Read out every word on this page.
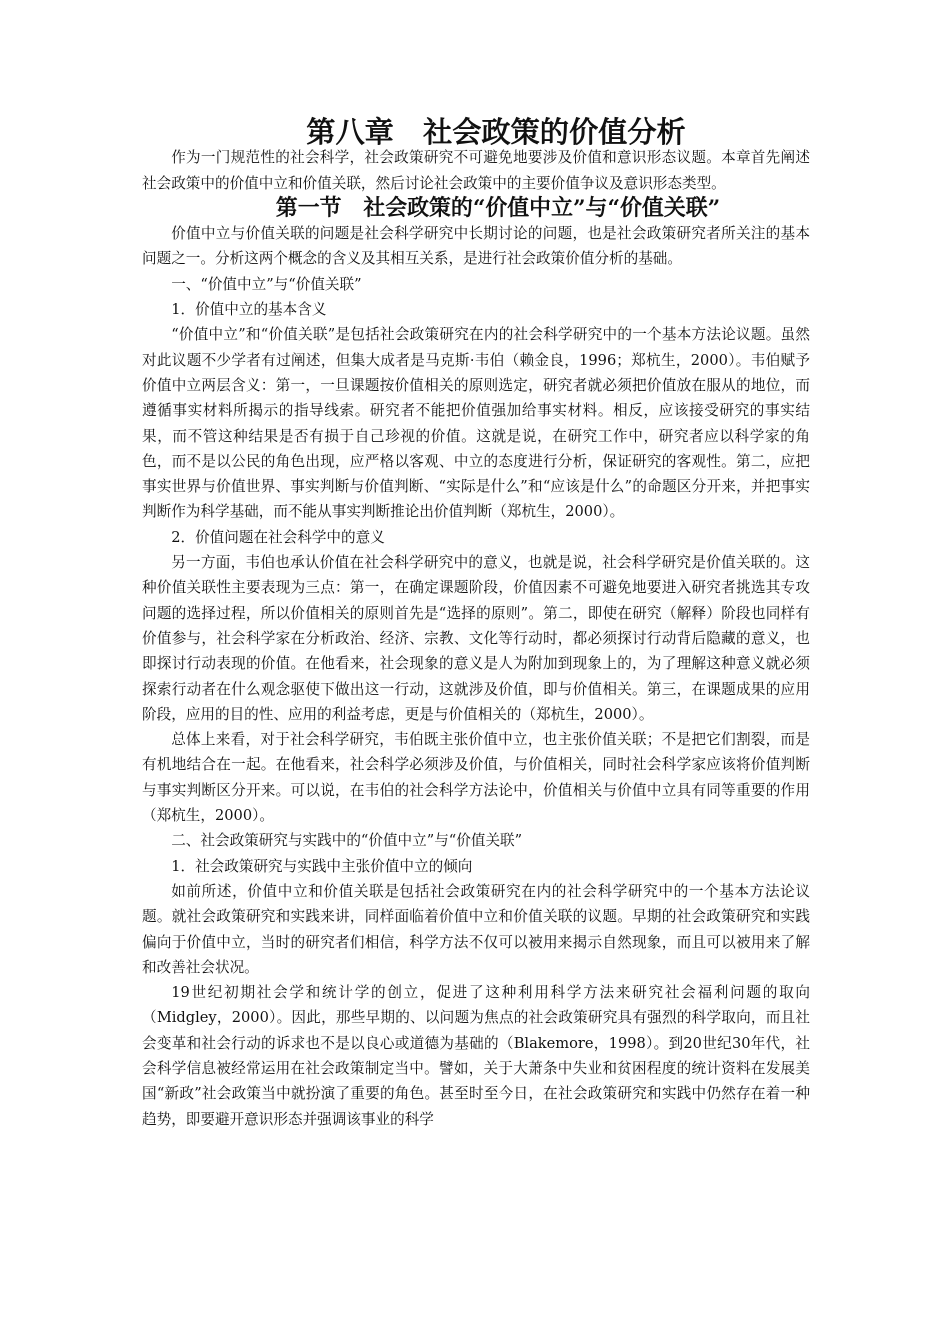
第八章　社会政策的价值分析

作为一门规范性的社会科学，社会政策研究不可避免地要涉及价值和意识形态议题。本章首先阐述社会政策中的价值中立和价值关联，然后讨论社会政策中的主要价值争议及意识形态类型。

第一节　社会政策的“价值中立”与“价值关联”

价值中立与价值关联的问题是社会科学研究中长期讨论的问题，也是社会政策研究者所关注的基本问题之一。分析这两个概念的含义及其相互关系，是进行社会政策价值分析的基础。

一、“价值中立”与“价值关联”
1．价值中立的基本含义

“价值中立”和“价值关联”是包括社会政策研究在内的社会科学研究中的一个基本方法论议题。虽然对此议题不少学者有过阐述，但集大成者是马克斯·韦伯（赖金良，1996；郑杭生，2000）。韦伯赋予价值中立两层含义：第一，一旦课题按价值相关的原则选定，研究者就必须把价值放在服从的地位，而遵循事实材料所揭示的指导线索。研究者不能把价值强加给事实材料。相反，应该接受研究的事实结果，而不管这种结果是否有损于自己珍视的价值。这就是说，在研究工作中，研究者应以科学家的角色，而不是以公民的角色出现，应严格以客观、中立的态度进行分析，保证研究的客观性。第二，应把事实世界与价值世界、事实判断与价值判断、“实际是什么”和“应该是什么”的命题区分开来，并把事实判断作为科学基础，而不能从事实判断推论出价值判断（郑杭生，2000）。

2．价值问题在社会科学中的意义

另一方面，韦伯也承认价值在社会科学研究中的意义，也就是说，社会科学研究是价值关联的。这种价值关联性主要表现为三点：第一，在确定课题阶段，价值因素不可避免地要进入研究者挑选其专攻问题的选择过程，所以价值相关的原则首先是“选择的原则”。第二，即使在研究（解释）阶段也同样有价值参与，社会科学家在分析政治、经济、宗教、文化等行动时，都必须探讨行动背后隐藏的意义，也即探讨行动表现的价值。在他看来，社会现象的意义是人为附加到现象上的，为了理解这种意义就必须探索行动者在什么观念驱使下做出这一行动，这就涉及价值，即与价值相关。第三，在课题成果的应用阶段，应用的目的性、应用的利益考虑，更是与价值相关的（郑杭生，2000）。

总体上来看，对于社会科学研究，韦伯既主张价值中立，也主张价值关联；不是把它们割裂，而是有机地结合在一起。在他看来，社会科学必须涉及价值，与价值相关，同时社会科学家应该将价值判断与事实判断区分开来。可以说，在韦伯的社会科学方法论中，价值相关与价值中立具有同等重要的作用（郑杭生，2000）。

二、社会政策研究与实践中的“价值中立”与“价值关联”
1．社会政策研究与实践中主张价值中立的倾向

如前所述，价值中立和价值关联是包括社会政策研究在内的社会科学研究中的一个基本方法论议题。就社会政策研究和实践来讲，同样面临着价值中立和价值关联的议题。早期的社会政策研究和实践偏向于价值中立，当时的研究者们相信，科学方法不仅可以被用来揭示自然现象，而且可以被用来了解和改善社会状况。

19世纪初期社会学和统计学的创立，促进了这种利用科学方法来研究社会福利问题的取向（Midgley，2000）。因此，那些早期的、以问题为焦点的社会政策研究具有强烈的科学取向，而且社会变革和社会行动的诉求也不是以良心或道德为基础的（Blakemore，1998）。到20世纪30年代，社会科学信息被经常运用在社会政策制定当中。譬如，关于大萧条中失业和贫困程度的统计资料在发展美国“新政”社会政策当中就扮演了重要的角色。甚至时至今日，在社会政策研究和实践中仍然存在着一种趋势，即要避开意识形态并强调该事业的科学
